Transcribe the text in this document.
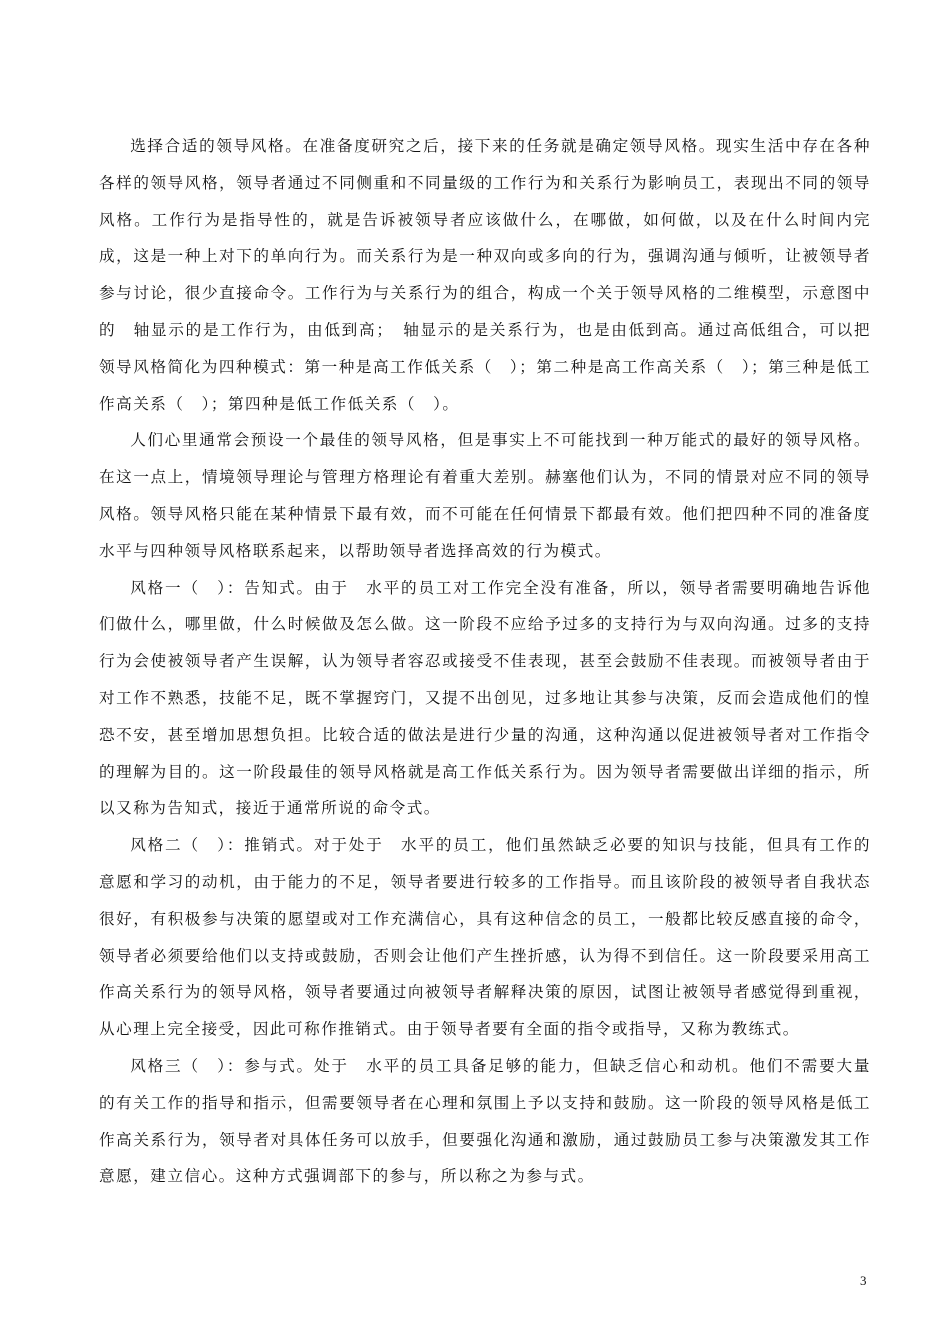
选择合适的领导风格。在准备度研究之后，接下来的任务就是确定领导风格。现实生活中存在各种各样的领导风格，领导者通过不同侧重和不同量级的工作行为和关系行为影响员工，表现出不同的领导风格。工作行为是指导性的，就是告诉被领导者应该做什么，在哪做，如何做，以及在什么时间内完成，这是一种上对下的单向行为。而关系行为是一种双向或多向的行为，强调沟通与倾听，让被领导者参与讨论，很少直接命令。工作行为与关系行为的组合，构成一个关于领导风格的二维模型，示意图中的　轴显示的是工作行为，由低到高；　轴显示的是关系行为，也是由低到高。通过高低组合，可以把领导风格简化为四种模式：第一种是高工作低关系（　）；第二种是高工作高关系（　）；第三种是低工作高关系（　）；第四种是低工作低关系（　）。

人们心里通常会预设一个最佳的领导风格，但是事实上不可能找到一种万能式的最好的领导风格。在这一点上，情境领导理论与管理方格理论有着重大差别。赫塞他们认为，不同的情景对应不同的领导风格。领导风格只能在某种情景下最有效，而不可能在任何情景下都最有效。他们把四种不同的准备度水平与四种领导风格联系起来，以帮助领导者选择高效的行为模式。

风格一（　）：告知式。由于　水平的员工对工作完全没有准备，所以，领导者需要明确地告诉他们做什么，哪里做，什么时候做及怎么做。这一阶段不应给予过多的支持行为与双向沟通。过多的支持行为会使被领导者产生误解，认为领导者容忍或接受不佳表现，甚至会鼓励不佳表现。而被领导者由于对工作不熟悉，技能不足，既不掌握窍门，又提不出创见，过多地让其参与决策，反而会造成他们的惶恐不安，甚至增加思想负担。比较合适的做法是进行少量的沟通，这种沟通以促进被领导者对工作指令的理解为目的。这一阶段最佳的领导风格就是高工作低关系行为。因为领导者需要做出详细的指示，所以又称为告知式，接近于通常所说的命令式。

风格二（　）：推销式。对于处于　水平的员工，他们虽然缺乏必要的知识与技能，但具有工作的意愿和学习的动机，由于能力的不足，领导者要进行较多的工作指导。而且该阶段的被领导者自我状态很好，有积极参与决策的愿望或对工作充满信心，具有这种信念的员工，一般都比较反感直接的命令，领导者必须要给他们以支持或鼓励，否则会让他们产生挫折感，认为得不到信任。这一阶段要采用高工作高关系行为的领导风格，领导者要通过向被领导者解释决策的原因，试图让被领导者感觉得到重视，从心理上完全接受，因此可称作推销式。由于领导者要有全面的指令或指导，又称为教练式。

风格三（　）：参与式。处于　水平的员工具备足够的能力，但缺乏信心和动机。他们不需要大量的有关工作的指导和指示，但需要领导者在心理和氛围上予以支持和鼓励。这一阶段的领导风格是低工作高关系行为，领导者对具体任务可以放手，但要强化沟通和激励，通过鼓励员工参与决策激发其工作意愿，建立信心。这种方式强调部下的参与，所以称之为参与式。

3
